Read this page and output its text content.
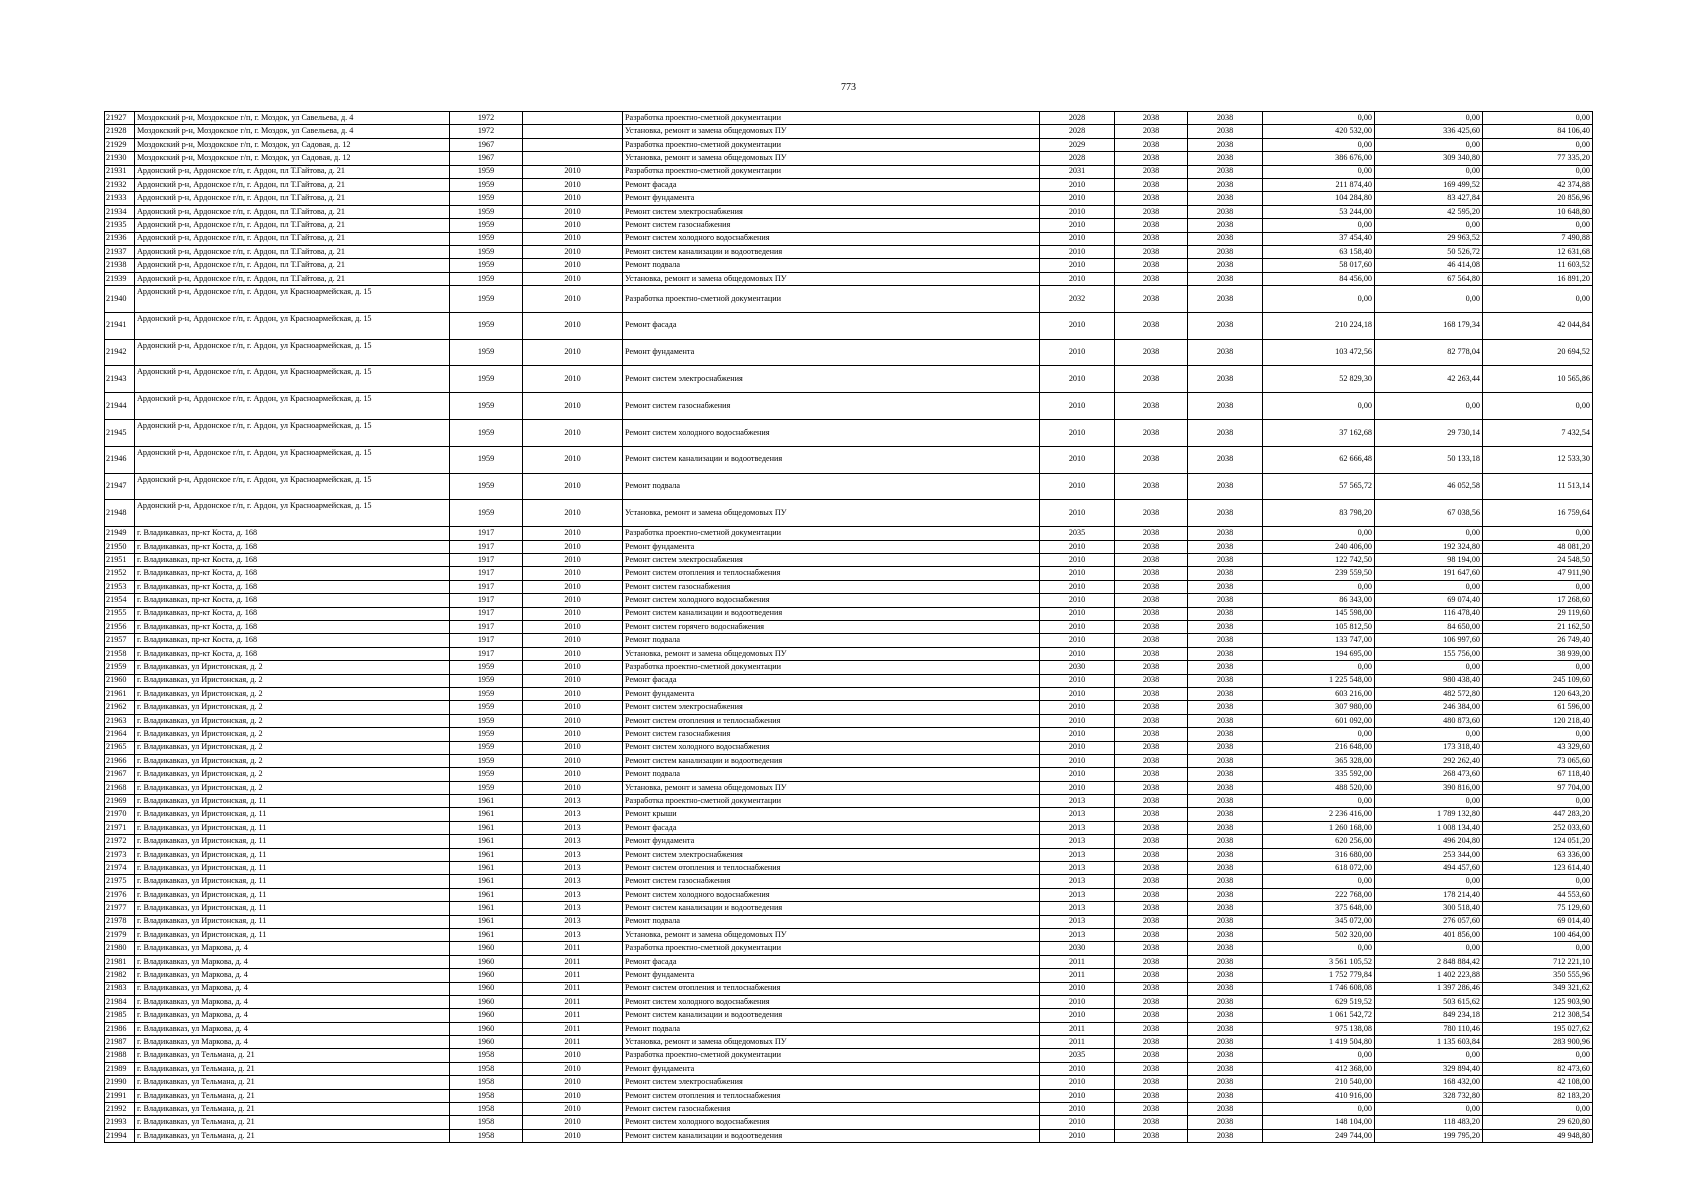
773
21927	Моздокский р-н, Моздокское г/п, г. Моздок, ул Савельева, д. 4	1972		Разработка проектно-сметной документации	2028	2038	2038	0,00	0,00	0,00
21928	Моздокский р-н, Моздокское г/п, г. Моздок, ул Савельева, д. 4	1972		Установка, ремонт и замена общедомовых ПУ	2028	2038	2038	420 532,00	336 425,60	84 106,40
21929	Моздокский р-н, Моздокское г/п, г. Моздок, ул Садовая, д. 12	1967		Разработка проектно-сметной документации	2029	2038	2038	0,00	0,00	0,00
21930	Моздокский р-н, Моздокское г/п, г. Моздок, ул Садовая, д. 12	1967		Установка, ремонт и замена общедомовых ПУ	2028	2038	2038	386 676,00	309 340,80	77 335,20
21931	Ардонский р-н, Ардонское г/п, г. Ардон, пл Т.Гайтова, д. 21	1959	2010	Разработка проектно-сметной документации	2031	2038	2038	0,00	0,00	0,00
21932	Ардонский р-н, Ардонское г/п, г. Ардон, пл Т.Гайтова, д. 21	1959	2010	Ремонт фасада	2010	2038	2038	211 874,40	169 499,52	42 374,88
21933	Ардонский р-н, Ардонское г/п, г. Ардон, пл Т.Гайтова, д. 21	1959	2010	Ремонт фундамента	2010	2038	2038	104 284,80	83 427,84	20 856,96
21934	Ардонский р-н, Ардонское г/п, г. Ардон, пл Т.Гайтова, д. 21	1959	2010	Ремонт систем электроснабжения	2010	2038	2038	53 244,00	42 595,20	10 648,80
21935	Ардонский р-н, Ардонское г/п, г. Ардон, пл Т.Гайтова, д. 21	1959	2010	Ремонт систем газоснабжения	2010	2038	2038	0,00	0,00	0,00
21936	Ардонский р-н, Ардонское г/п, г. Ардон, пл Т.Гайтова, д. 21	1959	2010	Ремонт систем холодного водоснабжения	2010	2038	2038	37 454,40	29 963,52	7 490,88
21937	Ардонский р-н, Ардонское г/п, г. Ардон, пл Т.Гайтова, д. 21	1959	2010	Ремонт систем канализации и водоотведения	2010	2038	2038	63 158,40	50 526,72	12 631,68
21938	Ардонский р-н, Ардонское г/п, г. Ардон, пл Т.Гайтова, д. 21	1959	2010	Ремонт подвала	2010	2038	2038	58 017,60	46 414,08	11 603,52
21939	Ардонский р-н, Ардонское г/п, г. Ардон, пл Т.Гайтова, д. 21	1959	2010	Установка, ремонт и замена общедомовых ПУ	2010	2038	2038	84 456,00	67 564,80	16 891,20
21940	Ардонский р-н, Ардонское г/п, г. Ардон, ул Красноармейская, д. 15	1959	2010	Разработка проектно-сметной документации	2032	2038	2038	0,00	0,00	0,00
21941	Ардонский р-н, Ардонское г/п, г. Ардон, ул Красноармейская, д. 15	1959	2010	Ремонт фасада	2010	2038	2038	210 224,18	168 179,34	42 044,84
21942	Ардонский р-н, Ардонское г/п, г. Ардон, ул Красноармейская, д. 15	1959	2010	Ремонт фундамента	2010	2038	2038	103 472,56	82 778,04	20 694,52
21943	Ардонский р-н, Ардонское г/п, г. Ардон, ул Красноармейская, д. 15	1959	2010	Ремонт систем электроснабжения	2010	2038	2038	52 829,30	42 263,44	10 565,86
21944	Ардонский р-н, Ардонское г/п, г. Ардон, ул Красноармейская, д. 15	1959	2010	Ремонт систем газоснабжения	2010	2038	2038	0,00	0,00	0,00
21945	Ардонский р-н, Ардонское г/п, г. Ардон, ул Красноармейская, д. 15	1959	2010	Ремонт систем холодного водоснабжения	2010	2038	2038	37 162,68	29 730,14	7 432,54
21946	Ардонский р-н, Ардонское г/п, г. Ардон, ул Красноармейская, д. 15	1959	2010	Ремонт систем канализации и водоотведения	2010	2038	2038	62 666,48	50 133,18	12 533,30
21947	Ардонский р-н, Ардонское г/п, г. Ардон, ул Красноармейская, д. 15	1959	2010	Ремонт подвала	2010	2038	2038	57 565,72	46 052,58	11 513,14
21948	Ардонский р-н, Ардонское г/п, г. Ардон, ул Красноармейская, д. 15	1959	2010	Установка, ремонт и замена общедомовых ПУ	2010	2038	2038	83 798,20	67 038,56	16 759,64
21949	г. Владикавказ, пр-кт Коста, д. 168	1917	2010	Разработка проектно-сметной документации	2035	2038	2038	0,00	0,00	0,00
21950	г. Владикавказ, пр-кт Коста, д. 168	1917	2010	Ремонт фундамента	2010	2038	2038	240 406,00	192 324,80	48 081,20
21951	г. Владикавказ, пр-кт Коста, д. 168	1917	2010	Ремонт систем электроснабжения	2010	2038	2038	122 742,50	98 194,00	24 548,50
21952	г. Владикавказ, пр-кт Коста, д. 168	1917	2010	Ремонт систем отопления и теплоснабжения	2010	2038	2038	239 559,50	191 647,60	47 911,90
21953	г. Владикавказ, пр-кт Коста, д. 168	1917	2010	Ремонт систем газоснабжения	2010	2038	2038	0,00	0,00	0,00
21954	г. Владикавказ, пр-кт Коста, д. 168	1917	2010	Ремонт систем холодного водоснабжения	2010	2038	2038	86 343,00	69 074,40	17 268,60
21955	г. Владикавказ, пр-кт Коста, д. 168	1917	2010	Ремонт систем канализации и водоотведения	2010	2038	2038	145 598,00	116 478,40	29 119,60
21956	г. Владикавказ, пр-кт Коста, д. 168	1917	2010	Ремонт систем горячего водоснабжения	2010	2038	2038	105 812,50	84 650,00	21 162,50
21957	г. Владикавказ, пр-кт Коста, д. 168	1917	2010	Ремонт подвала	2010	2038	2038	133 747,00	106 997,60	26 749,40
21958	г. Владикавказ, пр-кт Коста, д. 168	1917	2010	Установка, ремонт и замена общедомовых ПУ	2010	2038	2038	194 695,00	155 756,00	38 939,00
21959	г. Владикавказ, ул Иристонская, д. 2	1959	2010	Разработка проектно-сметной документации	2030	2038	2038	0,00	0,00	0,00
21960	г. Владикавказ, ул Иристонская, д. 2	1959	2010	Ремонт фасада	2010	2038	2038	1 225 548,00	980 438,40	245 109,60
21961	г. Владикавказ, ул Иристонская, д. 2	1959	2010	Ремонт фундамента	2010	2038	2038	603 216,00	482 572,80	120 643,20
21962	г. Владикавказ, ул Иристонская, д. 2	1959	2010	Ремонт систем электроснабжения	2010	2038	2038	307 980,00	246 384,00	61 596,00
21963	г. Владикавказ, ул Иристонская, д. 2	1959	2010	Ремонт систем отопления и теплоснабжения	2010	2038	2038	601 092,00	480 873,60	120 218,40
21964	г. Владикавказ, ул Иристонская, д. 2	1959	2010	Ремонт систем газоснабжения	2010	2038	2038	0,00	0,00	0,00
21965	г. Владикавказ, ул Иристонская, д. 2	1959	2010	Ремонт систем холодного водоснабжения	2010	2038	2038	216 648,00	173 318,40	43 329,60
21966	г. Владикавказ, ул Иристонская, д. 2	1959	2010	Ремонт систем канализации и водоотведения	2010	2038	2038	365 328,00	292 262,40	73 065,60
21967	г. Владикавказ, ул Иристонская, д. 2	1959	2010	Ремонт подвала	2010	2038	2038	335 592,00	268 473,60	67 118,40
21968	г. Владикавказ, ул Иристонская, д. 2	1959	2010	Установка, ремонт и замена общедомовых ПУ	2010	2038	2038	488 520,00	390 816,00	97 704,00
21969	г. Владикавказ, ул Иристонская, д. 11	1961	2013	Разработка проектно-сметной документации	2013	2038	2038	0,00	0,00	0,00
21970	г. Владикавказ, ул Иристонская, д. 11	1961	2013	Ремонт крыши	2013	2038	2038	2 236 416,00	1 789 132,80	447 283,20
21971	г. Владикавказ, ул Иристонская, д. 11	1961	2013	Ремонт фасада	2013	2038	2038	1 260 168,00	1 008 134,40	252 033,60
21972	г. Владикавказ, ул Иристонская, д. 11	1961	2013	Ремонт фундамента	2013	2038	2038	620 256,00	496 204,80	124 051,20
21973	г. Владикавказ, ул Иристонская, д. 11	1961	2013	Ремонт систем электроснабжения	2013	2038	2038	316 680,00	253 344,00	63 336,00
21974	г. Владикавказ, ул Иристонская, д. 11	1961	2013	Ремонт систем отопления и теплоснабжения	2013	2038	2038	618 072,00	494 457,60	123 614,40
21975	г. Владикавказ, ул Иристонская, д. 11	1961	2013	Ремонт систем газоснабжения	2013	2038	2038	0,00	0,00	0,00
21976	г. Владикавказ, ул Иристонская, д. 11	1961	2013	Ремонт систем холодного водоснабжения	2013	2038	2038	222 768,00	178 214,40	44 553,60
21977	г. Владикавказ, ул Иристонская, д. 11	1961	2013	Ремонт систем канализации и водоотведения	2013	2038	2038	375 648,00	300 518,40	75 129,60
21978	г. Владикавказ, ул Иристонская, д. 11	1961	2013	Ремонт подвала	2013	2038	2038	345 072,00	276 057,60	69 014,40
21979	г. Владикавказ, ул Иристонская, д. 11	1961	2013	Установка, ремонт и замена общедомовых ПУ	2013	2038	2038	502 320,00	401 856,00	100 464,00
21980	г. Владикавказ, ул Маркова, д. 4	1960	2011	Разработка проектно-сметной документации	2030	2038	2038	0,00	0,00	0,00
21981	г. Владикавказ, ул Маркова, д. 4	1960	2011	Ремонт фасада	2011	2038	2038	3 561 105,52	2 848 884,42	712 221,10
21982	г. Владикавказ, ул Маркова, д. 4	1960	2011	Ремонт фундамента	2011	2038	2038	1 752 779,84	1 402 223,88	350 555,96
21983	г. Владикавказ, ул Маркова, д. 4	1960	2011	Ремонт систем отопления и теплоснабжения	2010	2038	2038	1 746 608,08	1 397 286,46	349 321,62
21984	г. Владикавказ, ул Маркова, д. 4	1960	2011	Ремонт систем холодного водоснабжения	2010	2038	2038	629 519,52	503 615,62	125 903,90
21985	г. Владикавказ, ул Маркова, д. 4	1960	2011	Ремонт систем канализации и водоотведения	2010	2038	2038	1 061 542,72	849 234,18	212 308,54
21986	г. Владикавказ, ул Маркова, д. 4	1960	2011	Ремонт подвала	2011	2038	2038	975 138,08	780 110,46	195 027,62
21987	г. Владикавказ, ул Маркова, д. 4	1960	2011	Установка, ремонт и замена общедомовых ПУ	2011	2038	2038	1 419 504,80	1 135 603,84	283 900,96
21988	г. Владикавказ, ул Тельмана, д. 21	1958	2010	Разработка проектно-сметной документации	2035	2038	2038	0,00	0,00	0,00
21989	г. Владикавказ, ул Тельмана, д. 21	1958	2010	Ремонт фундамента	2010	2038	2038	412 368,00	329 894,40	82 473,60
21990	г. Владикавказ, ул Тельмана, д. 21	1958	2010	Ремонт систем электроснабжения	2010	2038	2038	210 540,00	168 432,00	42 108,00
21991	г. Владикавказ, ул Тельмана, д. 21	1958	2010	Ремонт систем отопления и теплоснабжения	2010	2038	2038	410 916,00	328 732,80	82 183,20
21992	г. Владикавказ, ул Тельмана, д. 21	1958	2010	Ремонт систем газоснабжения	2010	2038	2038	0,00	0,00	0,00
21993	г. Владикавказ, ул Тельмана, д. 21	1958	2010	Ремонт систем холодного водоснабжения	2010	2038	2038	148 104,00	118 483,20	29 620,80
21994	г. Владикавказ, ул Тельмана, д. 21	1958	2010	Ремонт систем канализации и водоотведения	2010	2038	2038	249 744,00	199 795,20	49 948,80
